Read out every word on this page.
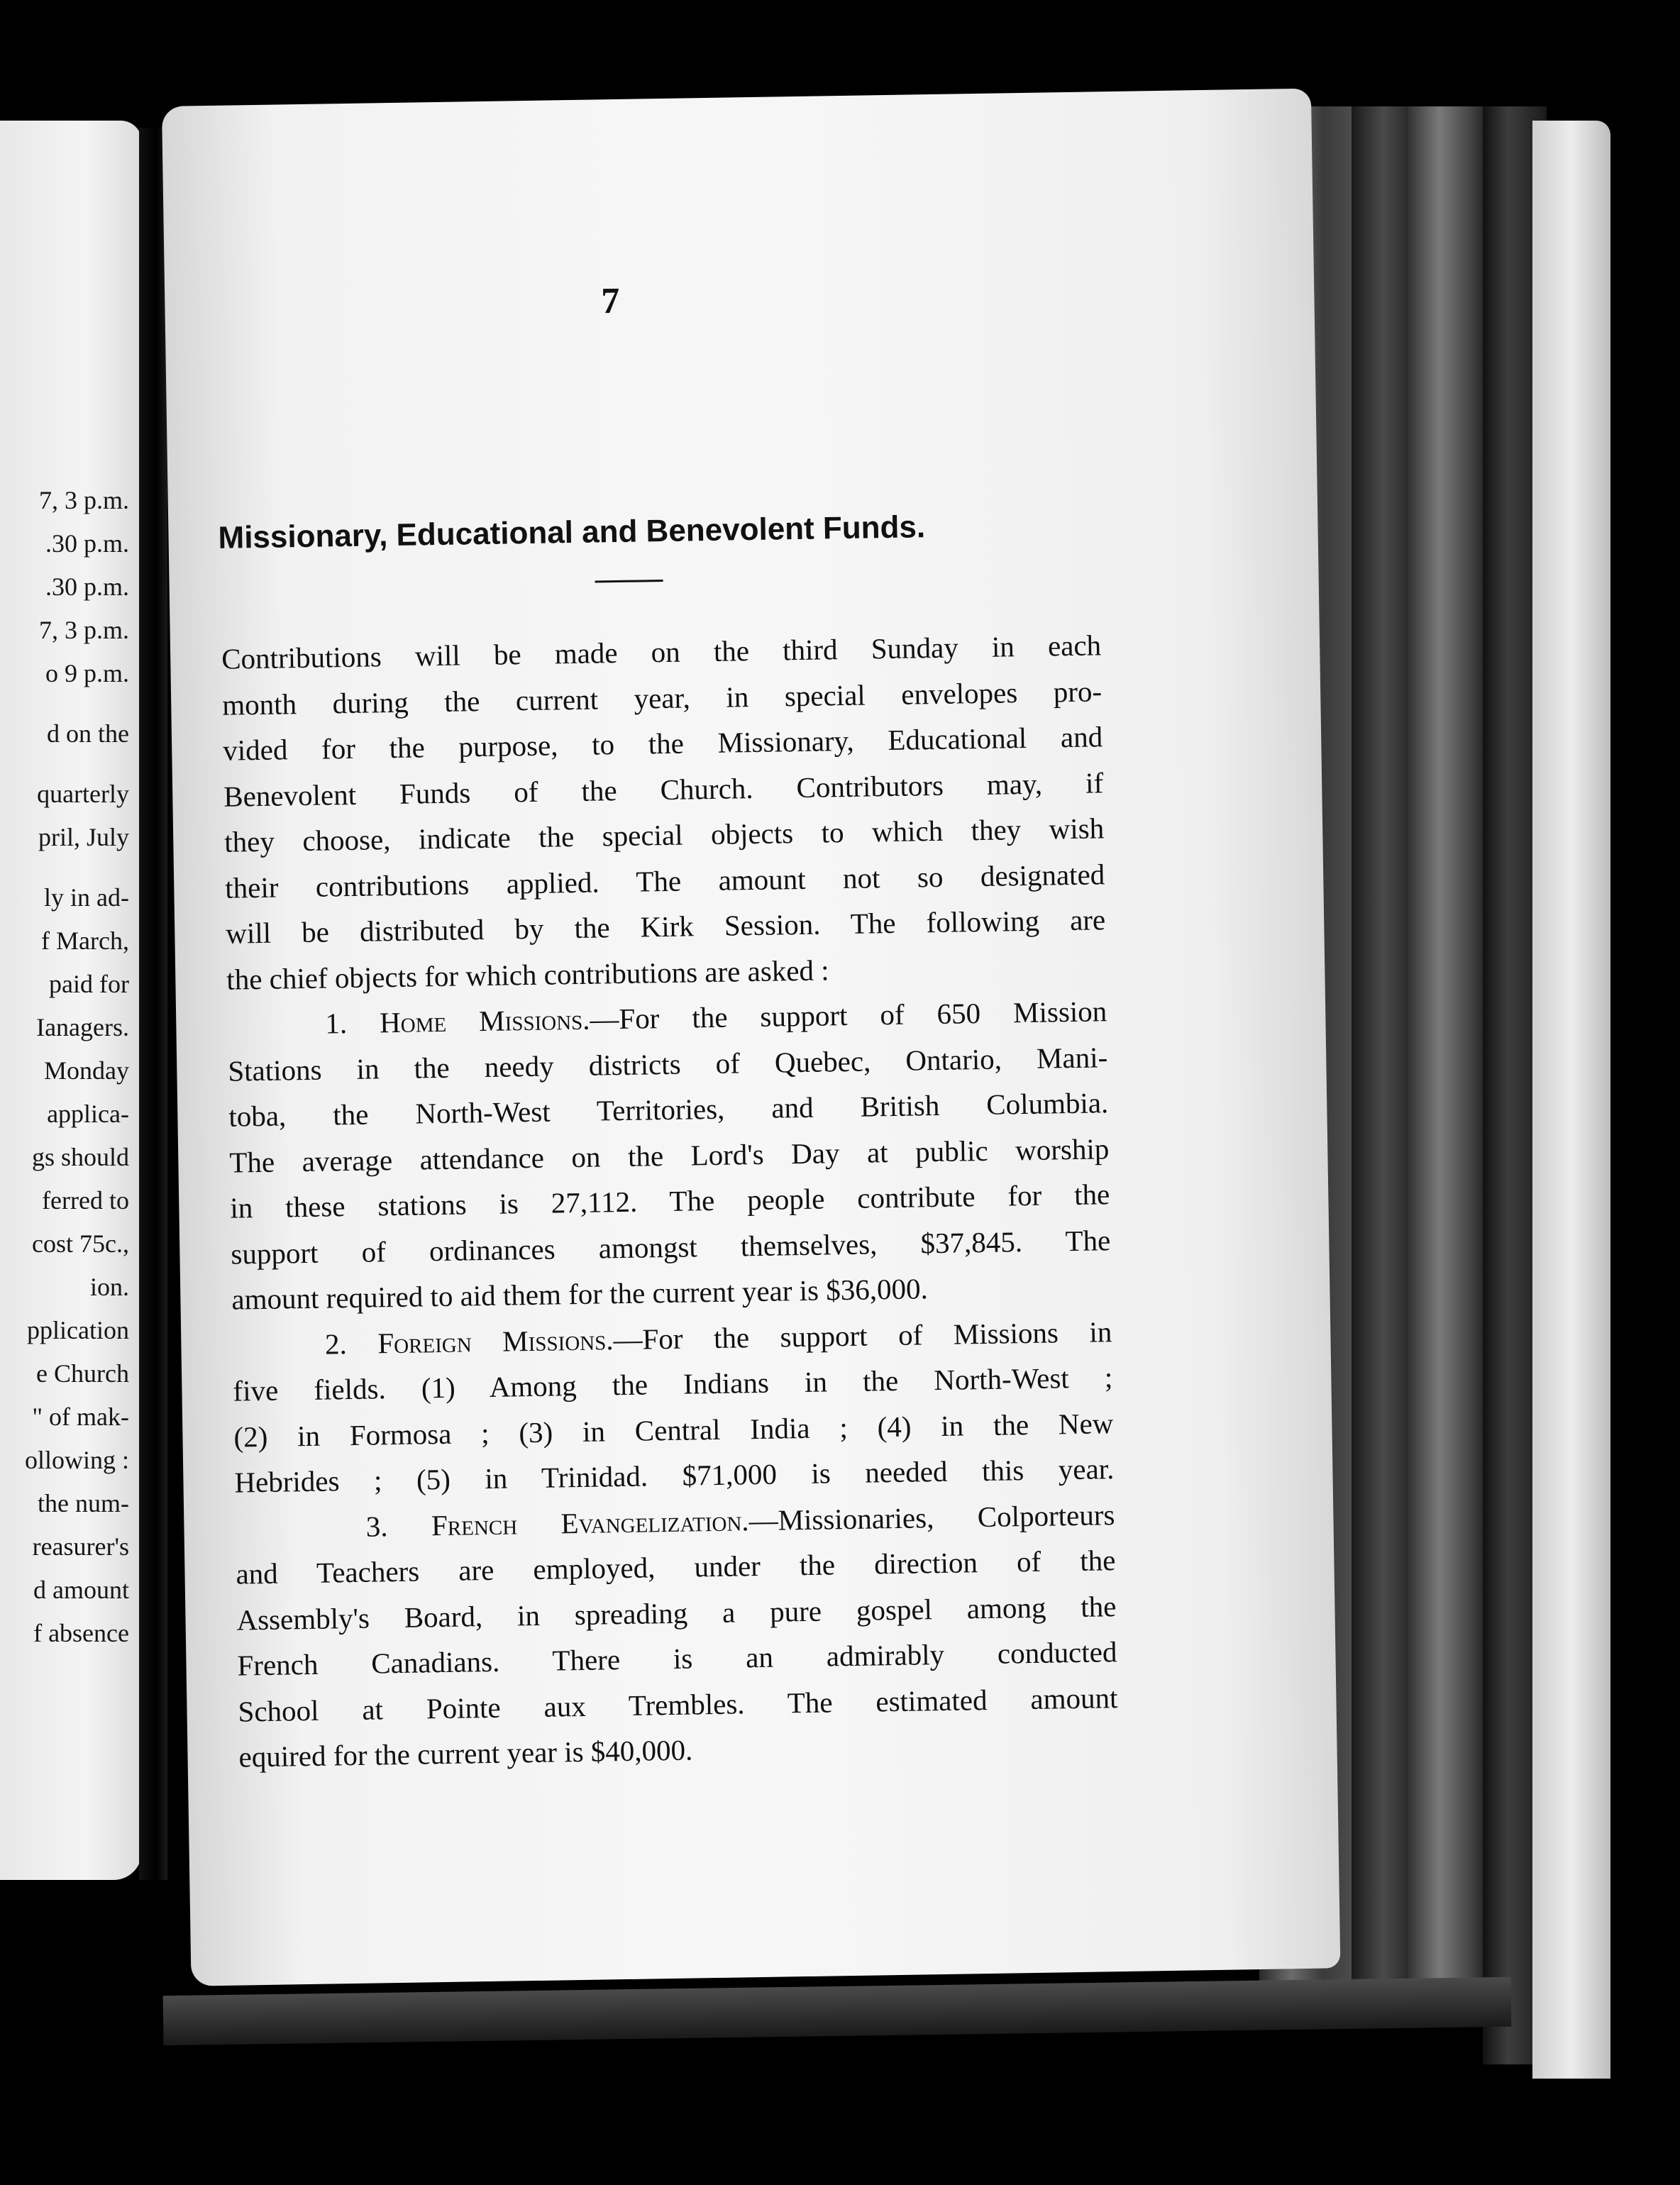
7, 3 p.m.
.30 p.m.
.30 p.m.
7, 3 p.m.
o 9 p.m.
d on the
quarterly
pril, July
ly in ad-
f March,
paid for
Ianagers.
Monday
applica-
gs should
ferred to
cost 75c.,
ion.
pplication
e Church
" of mak-
ollowing :
the num-
reasurer's
d amount
f absence
7
Missionary, Educational and Benevolent Funds.
Contributions will be made on the third Sunday in each
month during the current year, in special envelopes pro-
vided for the purpose, to the Missionary, Educational and
Benevolent Funds of the Church. Contributors may, if
they choose, indicate the special objects to which they wish
their contributions applied. The amount not so designated
will be distributed by the Kirk Session. The following are
the chief objects for which contributions are asked :
1. Home Missions.—For the support of 650 Mission
Stations in the needy districts of Quebec, Ontario, Mani-
toba, the North-West Territories, and British Columbia.
The average attendance on the Lord's Day at public worship
in these stations is 27,112. The people contribute for the
support of ordinances amongst themselves, $37,845. The
amount required to aid them for the current year is $36,000.
2. Foreign Missions.—For the support of Missions in
five fields. (1) Among the Indians in the North-West ;
(2) in Formosa ; (3) in Central India ; (4) in the New
Hebrides ; (5) in Trinidad. $71,000 is needed this year.
3. French Evangelization.—Missionaries, Colporteurs
and Teachers are employed, under the direction of the
Assembly's Board, in spreading a pure gospel among the
French Canadians. There is an admirably conducted
School at Pointe aux Trembles. The estimated amount
equired for the current year is $40,000.
